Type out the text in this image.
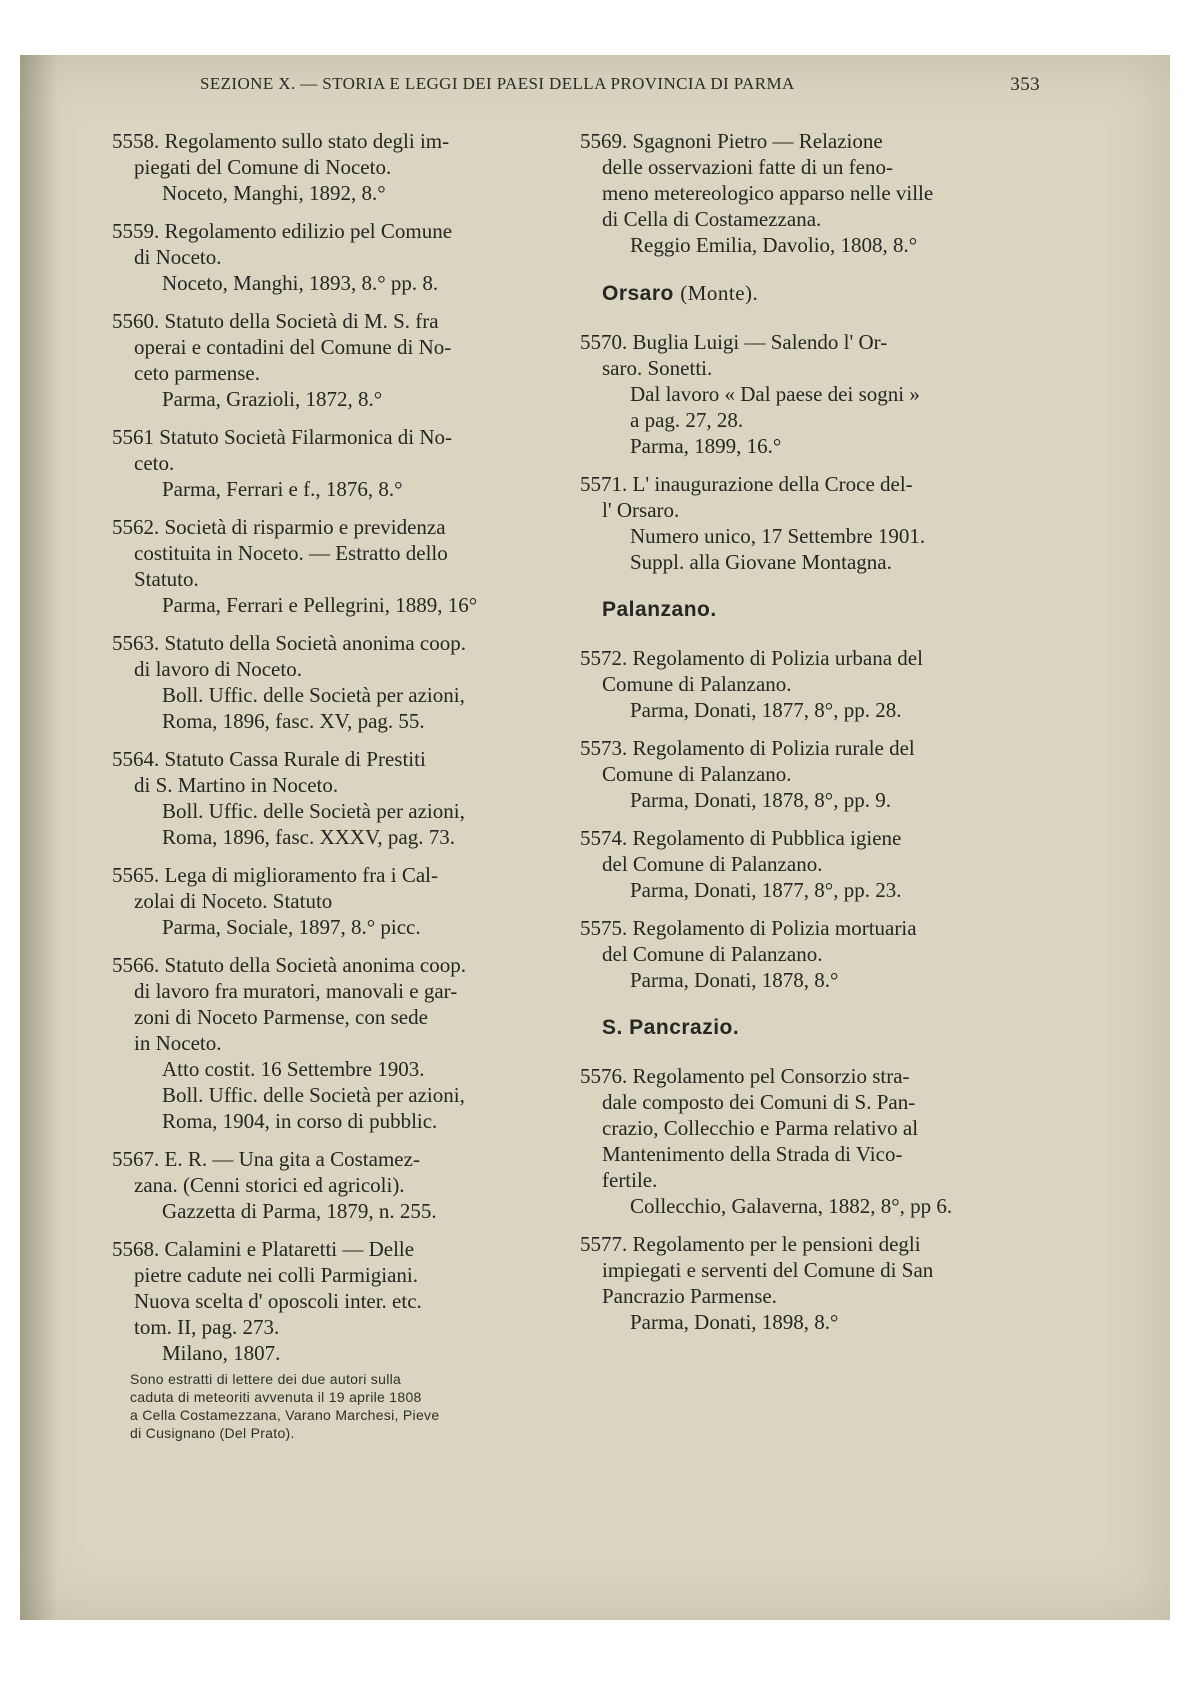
SEZIONE X. — STORIA E LEGGI DEI PAESI DELLA PROVINCIA DI PARMA	353

5558. Regolamento sullo stato degli im-

piegati del Comune di Noceto.

Noceto, Manghi, 1892, 8.°

5559. Regolamento edilizio pel Comune

di Noceto.

Noceto, Manghi, 1893, 8.° pp. 8.

5560. Statuto della Società di M. S. fra

operai e contadini del Comune di No-

ceto parmense.

Parma, Grazioli, 1872, 8.°

5561 Statuto Società Filarmonica di No-

ceto.

Parma, Ferrari e f., 1876, 8.°

5562. Società di risparmio e previdenza

costituita in Noceto. — Estratto dello

Statuto.

Parma, Ferrari e Pellegrini, 1889, 16°

5563. Statuto della Società anonima coop.

di lavoro di Noceto.

Boll. Uffic. delle Società per azioni,

Roma, 1896, fasc. XV, pag. 55.

5564. Statuto Cassa Rurale di Prestiti

di S. Martino in Noceto.

Boll. Uffic. delle Società per azioni,

Roma, 1896, fasc. XXXV, pag. 73.

5565. Lega di miglioramento fra i Cal-

zolai di Noceto. Statuto

Parma, Sociale, 1897, 8.° picc.

5566. Statuto della Società anonima coop.

di lavoro fra muratori, manovali e gar-

zoni di Noceto Parmense, con sede

in Noceto.

Atto costit. 16 Settembre 1903.

Boll. Uffic. delle Società per azioni,

Roma, 1904, in corso di pubblic.

5567. E. R. — Una gita a Costamez-

zana. (Cenni storici ed agricoli).

Gazzetta di Parma, 1879, n. 255.

5568. Calamini e Plataretti — Delle

pietre cadute nei colli Parmigiani.

Nuova scelta d' oposcoli inter. etc.

tom. II, pag. 273.

Milano, 1807.

Sono estratti di lettere dei due autori sulla
caduta di meteoriti avvenuta il 19 aprile 1808
a Cella Costamezzana, Varano Marchesi, Pieve
di Cusignano (Del Prato).

5569. Sgagnoni Pietro — Relazione

delle osservazioni fatte di un feno-

meno metereologico apparso nelle ville

di Cella di Costamezzana.

Reggio Emilia, Davolio, 1808, 8.°

Orsaro (Monte).

5570. Buglia Luigi — Salendo l' Or-

saro. Sonetti.

Dal lavoro « Dal paese dei sogni »

a pag. 27, 28.

Parma, 1899, 16.°

5571. L' inaugurazione della Croce del-

l' Orsaro.

Numero unico, 17 Settembre 1901.

Suppl. alla Giovane Montagna.

Palanzano.

5572. Regolamento di Polizia urbana del

Comune di Palanzano.

Parma, Donati, 1877, 8°, pp. 28.

5573. Regolamento di Polizia rurale del

Comune di Palanzano.

Parma, Donati, 1878, 8°, pp. 9.

5574. Regolamento di Pubblica igiene

del Comune di Palanzano.

Parma, Donati, 1877, 8°, pp. 23.

5575. Regolamento di Polizia mortuaria

del Comune di Palanzano.

Parma, Donati, 1878, 8.°

S. Pancrazio.

5576. Regolamento pel Consorzio stra-

dale composto dei Comuni di S. Pan-

crazio, Collecchio e Parma relativo al

Mantenimento della Strada di Vico-

fertile.

Collecchio, Galaverna, 1882, 8°, pp 6.

5577. Regolamento per le pensioni degli

impiegati e serventi del Comune di San

Pancrazio Parmense.

Parma, Donati, 1898, 8.°
